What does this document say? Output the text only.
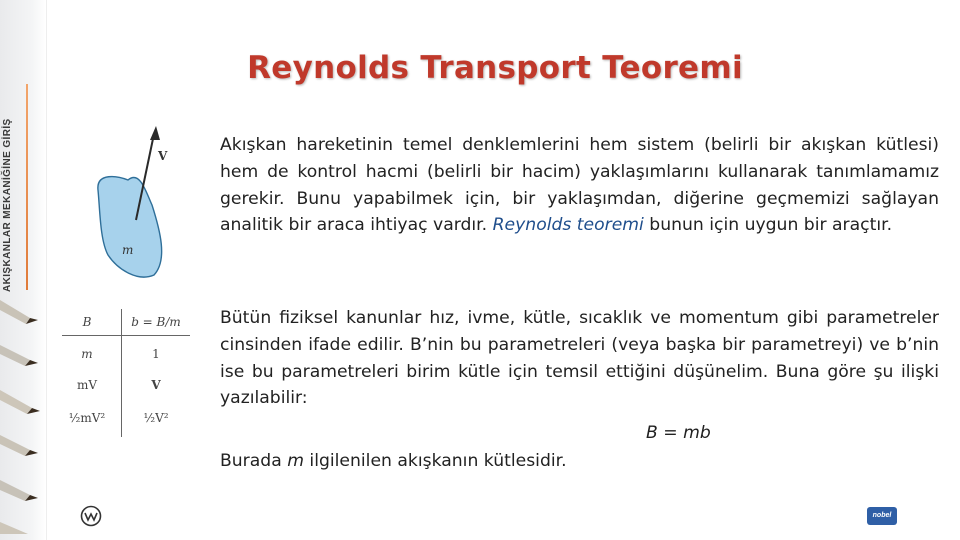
AKIŞKANLAR MEKANİĞİNE GİRİŞ
Reynolds Transport Teoremi
V
m
B	b = B/m
m	1
mV	V
½mV²	½V²
Akışkan hareketinin temel denklemlerini hem sistem (belirli bir akışkan kütlesi) hem de kontrol hacmi (belirli bir hacim) yaklaşımlarını kullanarak tanımlamamız gerekir. Bunu yapabilmek için, bir yaklaşımdan, diğerine geçmemizi sağlayan analitik bir araca ihtiyaç vardır. Reynolds teoremi bunun için uygun bir araçtır.
Bütün fiziksel kanunlar hız, ivme, kütle, sıcaklık ve momentum gibi parametreler cinsinden ifade edilir. B’nin bu parametreleri (veya başka bir parametreyi) ve b’nin ise bu parametreleri birim kütle için temsil ettiğini düşünelim. Buna göre şu ilişki yazılabilir:
B = mb
Burada m ilgilenilen akışkanın kütlesidir.
nobel
